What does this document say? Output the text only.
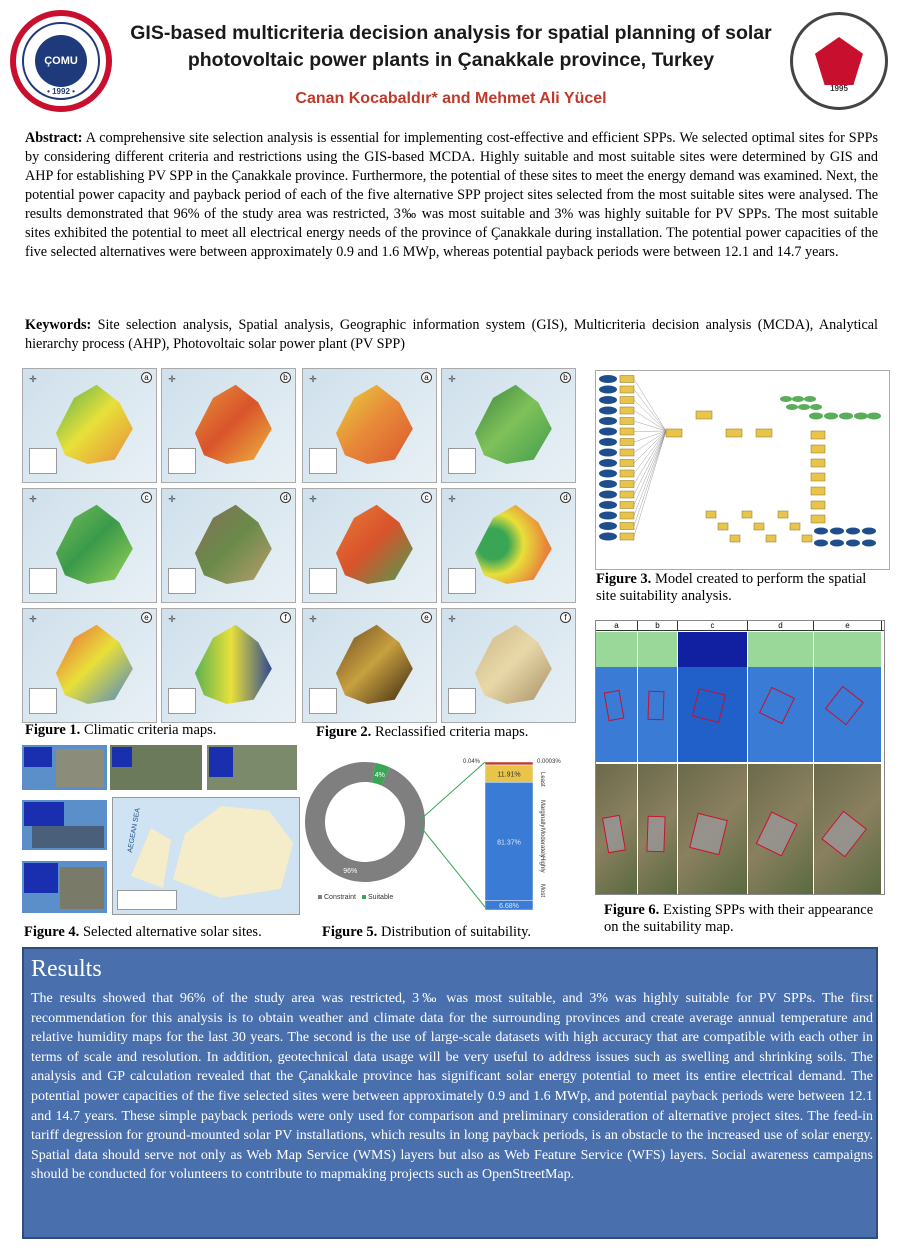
ÇOMU
• 1992 •	1995
GIS-based multicriteria decision analysis for spatial planning of solar
photovoltaic power plants in Çanakkale province, Turkey
Canan Kocabaldır* and Mehmet Ali Yücel
Abstract: A comprehensive site selection analysis is essential for implementing cost-effective and efficient SPPs. We selected optimal sites for SPPs by considering different criteria and restrictions using the GIS-based MCDA. Highly suitable and most suitable sites were determined by GIS and AHP for establishing PV SPP in the Çanakkale province. Furthermore, the potential of these sites to meet the energy demand was examined. Next, the potential power capacity and payback period of each of the five alternative SPP project sites selected from the most suitable sites were analysed. The results demonstrated that 96% of the study area was restricted, 3‰ was most suitable and 3% was highly suitable for PV SPPs. The most suitable sites exhibited the potential to meet all electrical energy needs of the province of Çanakkale during installation. The potential power capacities of the five selected alternatives were between approximately 0.9 and 1.6 MWp, whereas potential payback periods were between 12.1 and 14.7 years.
Keywords: Site selection analysis, Spatial analysis, Geographic information system (GIS), Multicriteria decision analysis (MCDA), Analytical hierarchy process (AHP), Photovoltaic solar power plant (PV SPP)
✛	a	✛	b
✛	c	✛	d
✛	e	✛	f
Figure 1. Climatic criteria maps.
✛	a	✛	b
✛	c	✛	d
✛	e	✛	f
Figure 2. Reclassified criteria maps.
Figure 3. Model created to perform the spatial site suitability analysis.
AEGEAN SEA
Figure 4. Selected alternative solar sites.
96%
4%
Constraint Suitable
11.91%
81.37%
6.68%
0.0003%
0.04%
Least
Marginally
Moderately
Highly
Most
Figure 5. Distribution of suitability.
a	b	c	d	e
Figure 6. Existing SPPs with their appearance on the suitability map.
Results

The results showed that 96% of the study area was restricted, 3‰ was most suitable, and 3% was highly suitable for PV SPPs. The first recommendation for this analysis is to obtain weather and climate data for the surrounding provinces and create average annual temperature and relative humidity maps for the last 30 years. The second is the use of large-scale datasets with high accuracy that are compatible with each other in terms of scale and resolution. In addition, geotechnical data usage will be very useful to address issues such as swelling and shrinking soils. The analysis and GP calculation revealed that the Çanakkale province has significant solar energy potential to meet its entire electrical demand. The potential power capacities of the five selected sites were between approximately 0.9 and 1.6 MWp, and potential payback periods were between 12.1 and 14.7 years. These simple payback periods were only used for comparison and preliminary consideration of alternative project sites. The feed-in tariff degression for ground-mounted solar PV installations, which results in long payback periods, is an obstacle to the increased use of solar energy. Spatial data should serve not only as Web Map Service (WMS) layers but also as Web Feature Service (WFS) layers. Social awareness campaigns should be conducted for volunteers to contribute to mapmaking projects such as OpenStreetMap.
